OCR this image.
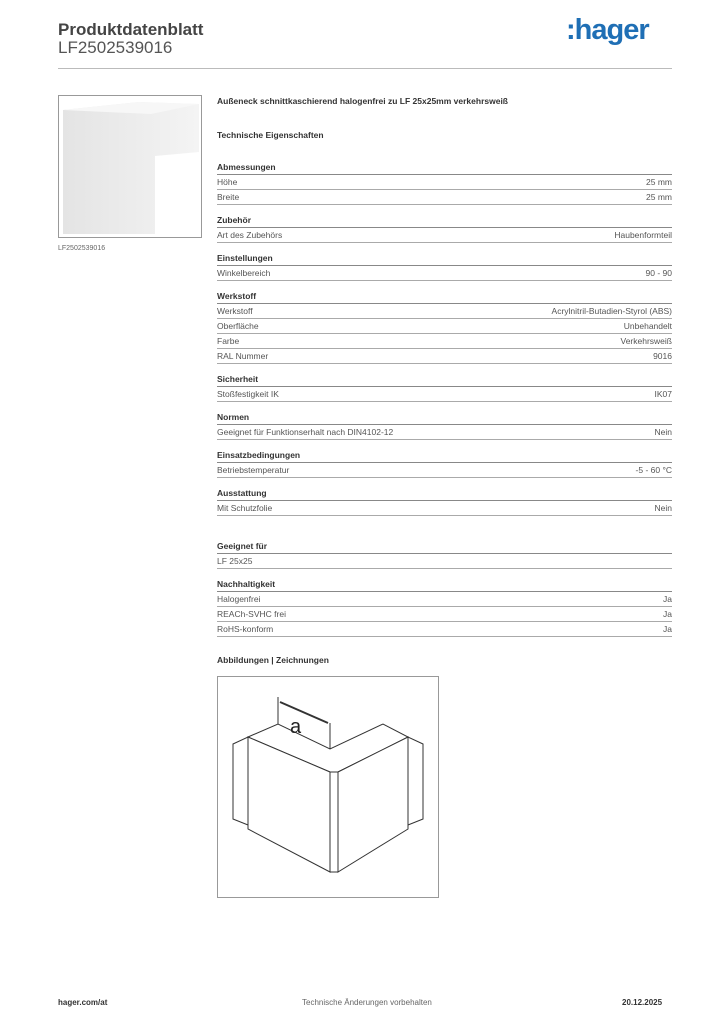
Produktdatenblatt
LF2502539016
:hager
LF2502539016
Außeneck schnittkaschierend halogenfrei zu LF 25x25mm verkehrsweiß
Technische Eigenschaften
Abmessungen
Höhe	25 mm
Breite	25 mm
Zubehör
Art des Zubehörs	Haubenformteil
Einstellungen
Winkelbereich	90 - 90
Werkstoff
Werkstoff	Acrylnitril-Butadien-Styrol (ABS)
Oberfläche	Unbehandelt
Farbe	Verkehrsweiß
RAL Nummer	9016
Sicherheit
Stoßfestigkeit IK	IK07
Normen
Geeignet für Funktionserhalt nach DIN4102-12	Nein
Einsatzbedingungen
Betriebstemperatur	-5 - 60 °C
Ausstattung
Mit Schutzfolie	Nein
Geeignet für
LF 25x25
Nachhaltigkeit
Halogenfrei	Ja
REACh-SVHC frei	Ja
RoHS-konform	Ja
Abbildungen | Zeichnungen
a
hager.com/at	Technische Änderungen vorbehalten	20.12.2025
